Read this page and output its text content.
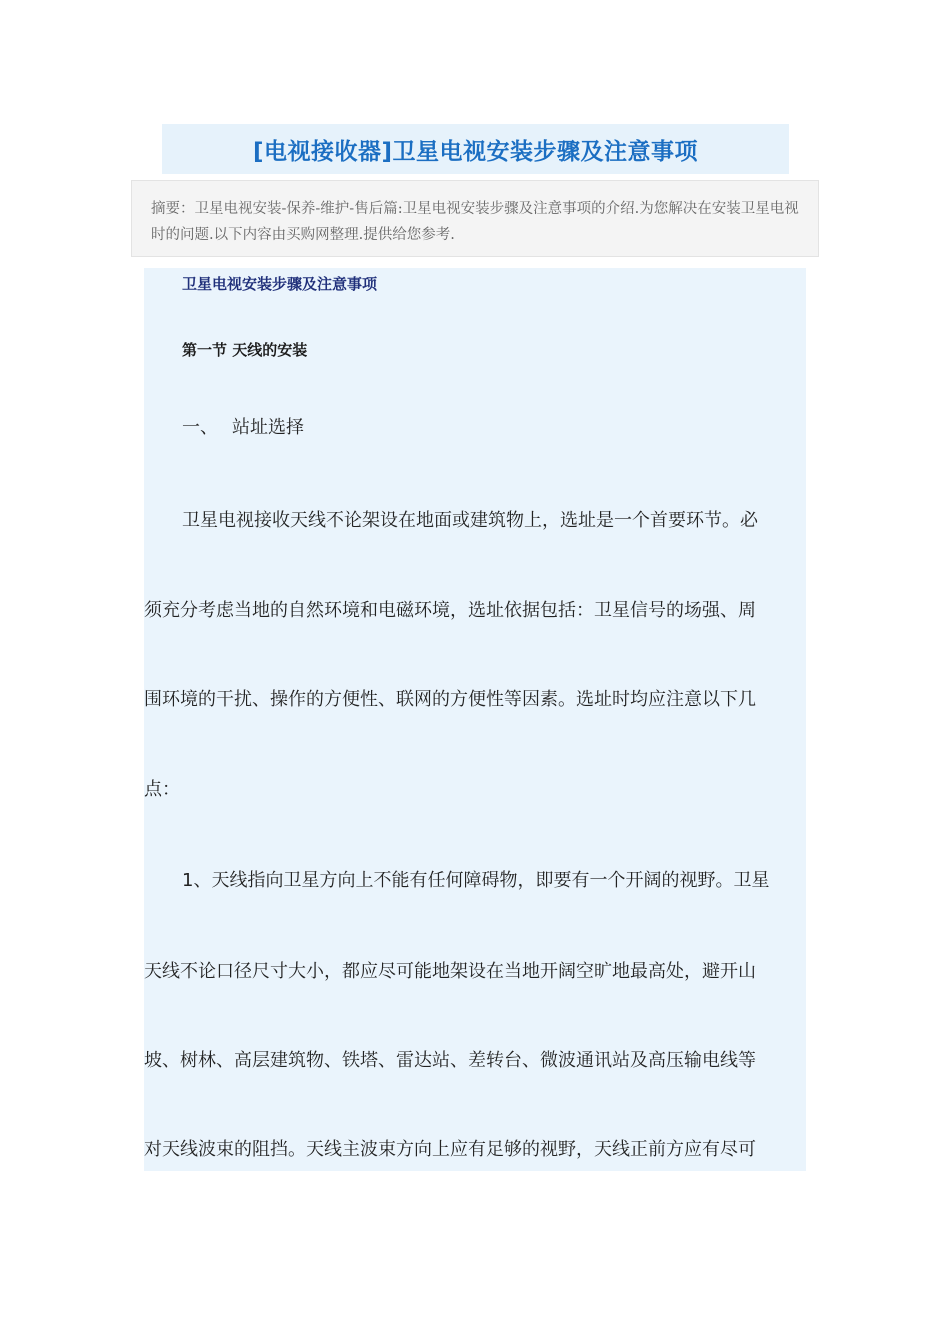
[电视接收器]卫星电视安装步骤及注意事项
摘要：卫星电视安装-保养-维护-售后篇:卫星电视安装步骤及注意事项的介绍.为您解决在安装卫星电视时的问题.以下内容由买购网整理.提供给您参考.
卫星电视安装步骤及注意事项
第一节 天线的安装
一、 站址选择
卫星电视接收天线不论架设在地面或建筑物上，选址是一个首要环节。必
须充分考虑当地的自然环境和电磁环境，选址依据包括：卫星信号的场强、周
围环境的干扰、操作的方便性、联网的方便性等因素。选址时均应注意以下几
点：
1、天线指向卫星方向上不能有任何障碍物，即要有一个开阔的视野。卫星
天线不论口径尺寸大小，都应尽可能地架设在当地开阔空旷地最高处，避开山
坡、树林、高层建筑物、铁塔、雷达站、差转台、微波通讯站及高压输电线等
对天线波束的阻挡。天线主波束方向上应有足够的视野，天线正前方应有尽可
